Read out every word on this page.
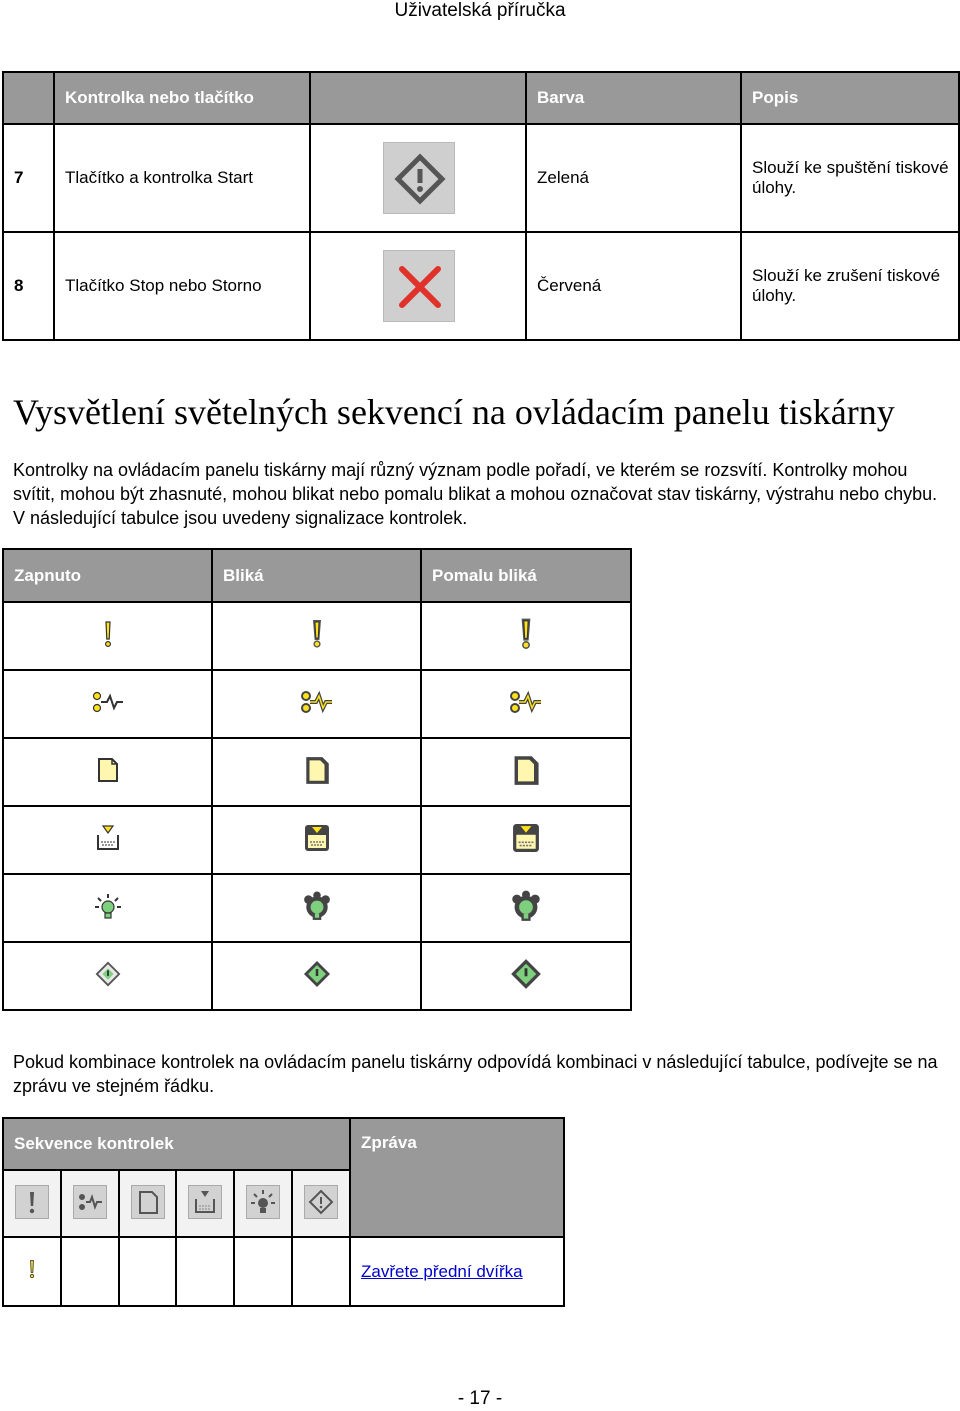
Uživatelská příručka
	Kontrolka nebo tlačítko		Barva	Popis
7	Tlačítko a kontrolka Start		Zelená	Slouží ke spuštění tiskové úlohy.
8	Tlačítko Stop nebo Storno		Červená	Slouží ke zrušení tiskové úlohy.
Vysvětlení světelných sekvencí na ovládacím panelu tiskárny

Kontrolky na ovládacím panelu tiskárny mají různý význam podle pořadí, ve kterém se rozsvítí. Kontrolky mohou svítit, mohou být zhasnuté, mohou blikat nebo pomalu blikat a mohou označovat stav tiskárny, výstrahu nebo chybu. V následující tabulce jsou uvedeny signalizace kontrolek.

Zapnuto	Bliká	Pomalu bliká

Pokud kombinace kontrolek na ovládacím panelu tiskárny odpovídá kombinaci v následující tabulce, podívejte se na zprávu ve stejném řádku.

Sekvence kontrolek						Zpráva

						Zavřete přední dvířka
- 17 -
